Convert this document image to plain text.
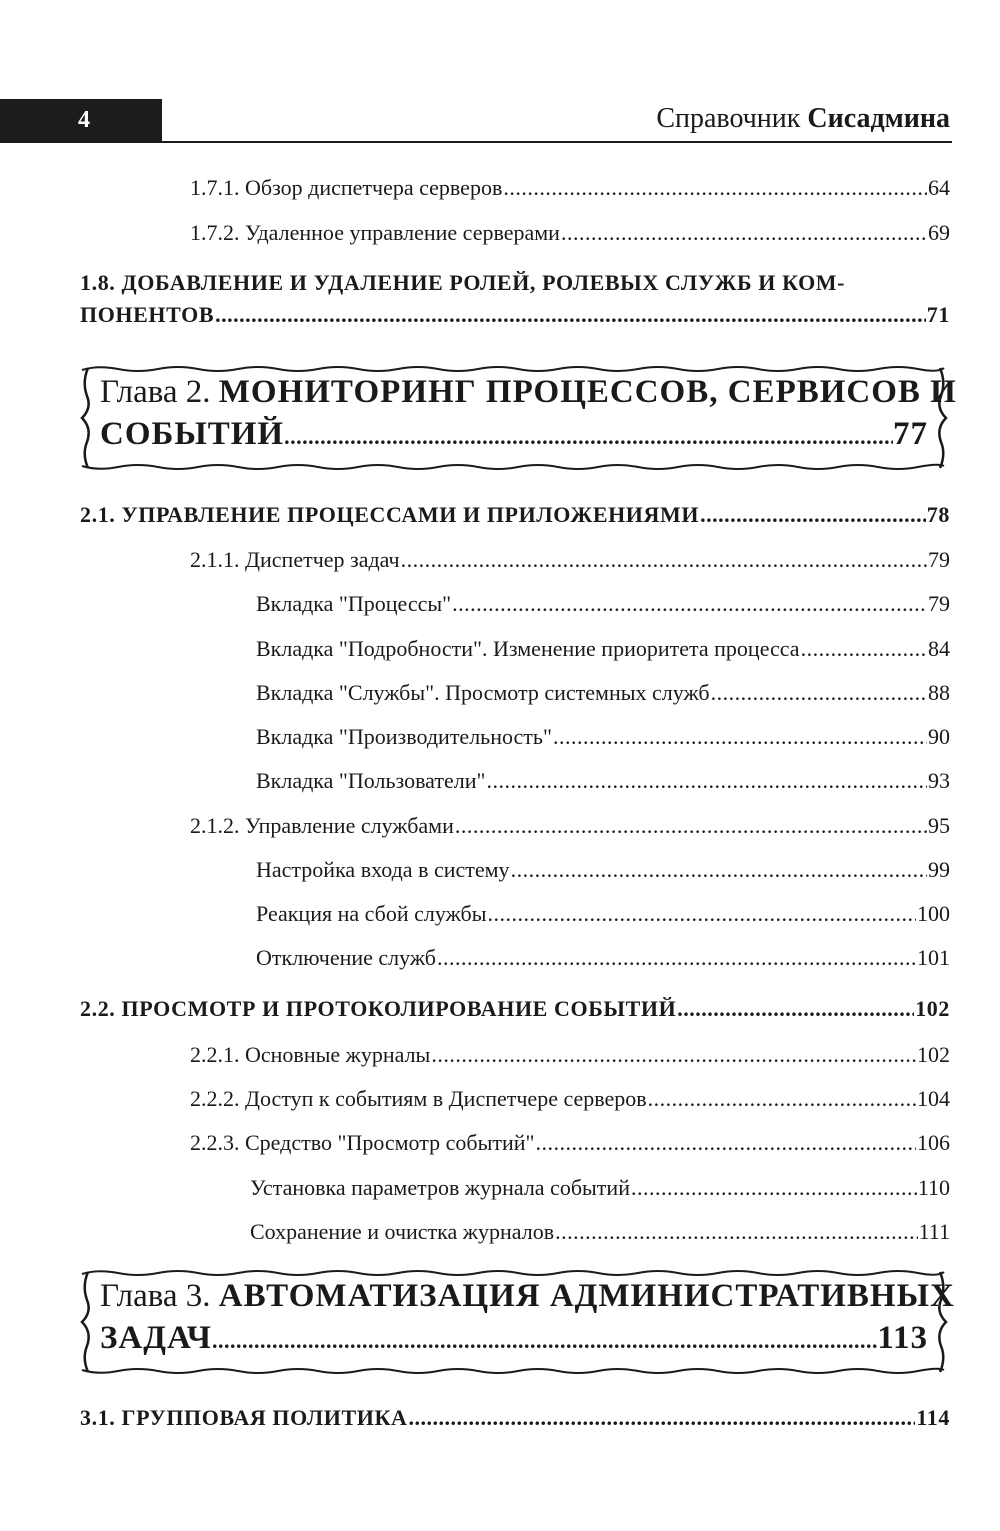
4	Справочник Сисадмина
1.7.1. Обзор диспетчера серверов .....	64
1.7.2. Удаленное управление серверами .....	69
1.8. ДОБАВЛЕНИЕ И УДАЛЕНИЕ РОЛЕЙ, РОЛЕВЫХ СЛУЖБ И КОМ-
ПОНЕНТОВ .....	71
Глава 2. МОНИТОРИНГ ПРОЦЕССОВ, СЕРВИСОВ И
СОБЫТИЙ .....	77
2.1. УПРАВЛЕНИЕ ПРОЦЕССАМИ И ПРИЛОЖЕНИЯМИ .....	78
2.1.1. Диспетчер задач .....	79
Вкладка "Процессы" .....	79
Вкладка "Подробности". Изменение приоритета процесса .....	84
Вкладка "Службы". Просмотр системных служб .....	88
Вкладка "Производительность" .....	90
Вкладка "Пользователи" .....	93
2.1.2. Управление службами .....	95
Настройка входа в систему .....	99
Реакция на сбой службы .....	100
Отключение служб .....	101
2.2. ПРОСМОТР И ПРОТОКОЛИРОВАНИЕ СОБЫТИЙ .....	102
2.2.1. Основные журналы .....	102
2.2.2. Доступ к событиям в Диспетчере серверов .....	104
2.2.3. Средство "Просмотр событий" .....	106
Установка параметров журнала событий .....	110
Сохранение и очистка журналов .....	111
Глава 3. АВТОМАТИЗАЦИЯ АДМИНИСТРАТИВНЫХ
ЗАДАЧ .....	113
3.1. ГРУППОВАЯ ПОЛИТИКА .....	114
